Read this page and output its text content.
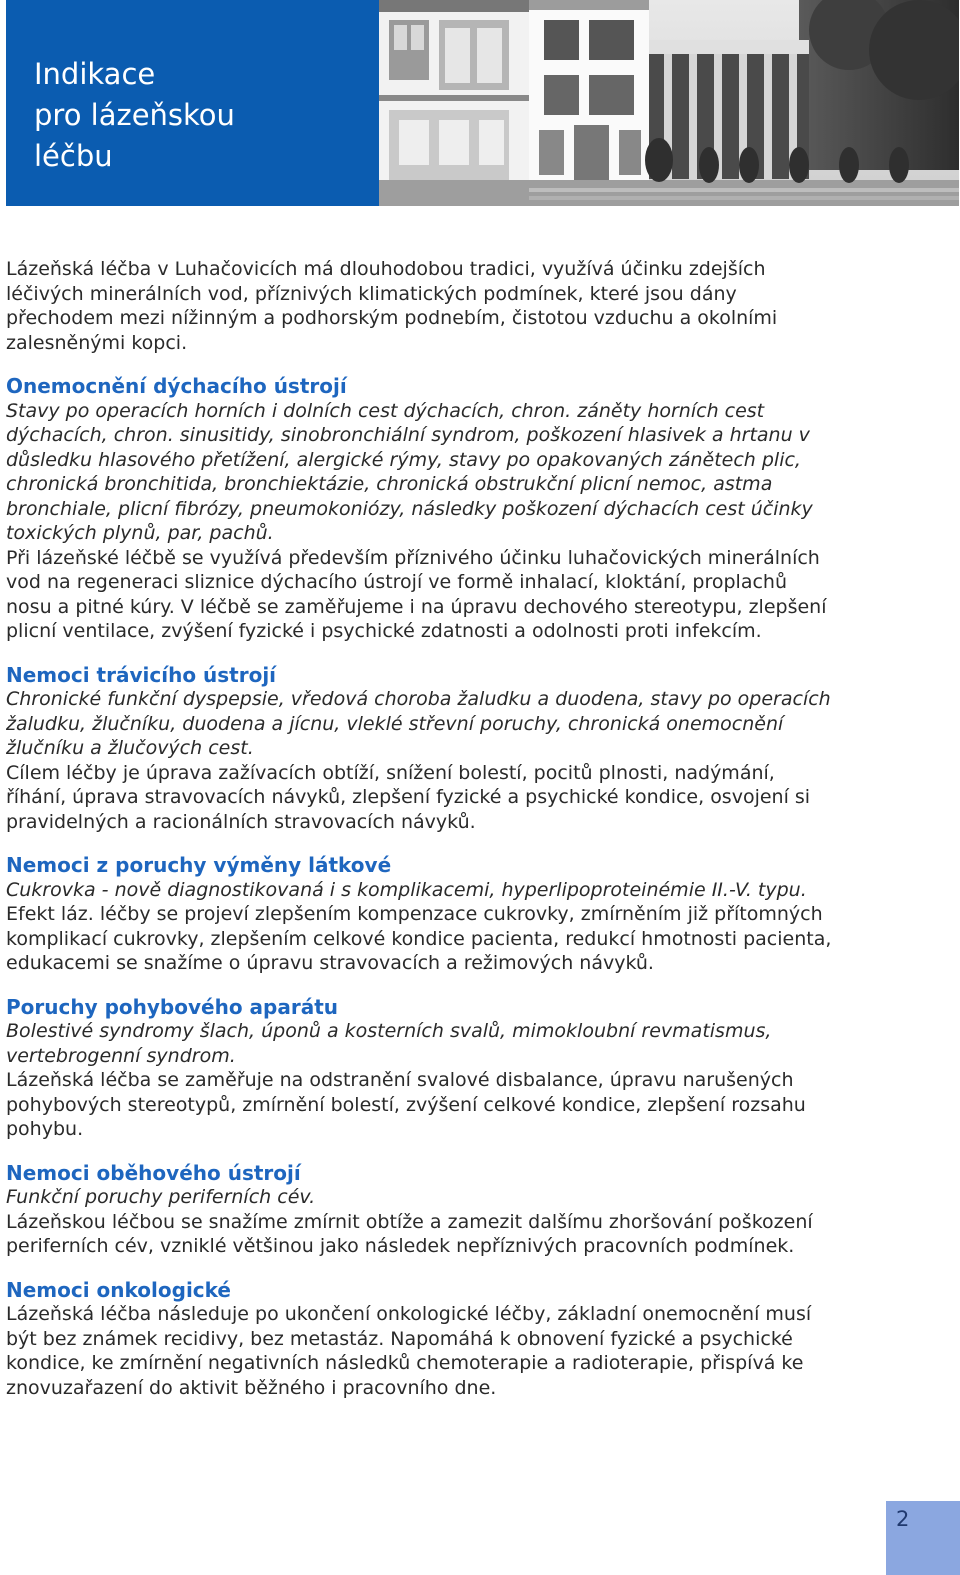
Indikace
pro lázeňskou
léčbu

Lázeňská léčba v Luhačovicích má dlouhodobou tradici, využívá účinku zdejších léčivých minerálních vod, příznivých klimatických podmínek, které jsou dány přechodem mezi nížinným a podhorským podnebím, čistotou vzduchu a okolními zalesněnými kopci.

Onemocnění dýchacího ústrojí

Stavy po operacích horních i dolních cest dýchacích, chron. záněty horních cest dýchacích, chron. sinusitidy, sinobronchiální syndrom, poškození hlasivek a hrtanu v důsledku hlasového přetížení, alergické rýmy, stavy po opakovaných zánětech plic, chronická bronchitida, bronchiektázie, chronická obstrukční plicní nemoc, astma bronchiale, plicní fibrózy, pneumokoniózy, následky poškození dýchacích cest účinky toxických plynů, par, pachů.

Při lázeňské léčbě se využívá především příznivého účinku luhačovických minerálních vod na regeneraci sliznice dýchacího ústrojí ve formě inhalací, kloktání, proplachů nosu a pitné kúry. V léčbě se zaměřujeme i na úpravu dechového stereotypu, zlepšení plicní ventilace, zvýšení fyzické i psychické zdatnosti a odolnosti proti infekcím.

Nemoci trávicího ústrojí

Chronické funkční dyspepsie, vředová choroba žaludku a duodena, stavy po operacích žaludku, žlučníku, duodena a jícnu, vleklé střevní poruchy, chronická onemocnění žlučníku a žlučových cest.

Cílem léčby je úprava zažívacích obtíží, snížení bolestí, pocitů plnosti, nadýmání, říhání, úprava stravovacích návyků, zlepšení fyzické a psychické kondice, osvojení si pravidelných a racionálních stravovacích návyků.

Nemoci z poruchy výměny látkové

Cukrovka - nově diagnostikovaná i s komplikacemi, hyperlipoproteinémie II.-V. typu.

Efekt láz. léčby se projeví zlepšením kompenzace cukrovky, zmírněním již přítomných komplikací cukrovky, zlepšením celkové kondice pacienta, redukcí hmotnosti pacienta, edukacemi se snažíme o úpravu stravovacích a režimových návyků.

Poruchy pohybového aparátu

Bolestivé syndromy šlach, úponů a kosterních svalů, mimokloubní revmatismus, vertebrogenní syndrom.

Lázeňská léčba se zaměřuje na odstranění svalové disbalance, úpravu narušených pohybových stereotypů, zmírnění bolestí, zvýšení celkové kondice, zlepšení rozsahu pohybu.

Nemoci oběhového ústrojí

Funkční poruchy periferních cév.

Lázeňskou léčbou se snažíme zmírnit obtíže a zamezit dalšímu zhoršování poškození periferních cév, vzniklé většinou jako následek nepříznivých pracovních podmínek.

Nemoci onkologické

Lázeňská léčba následuje po ukončení onkologické léčby, základní onemocnění musí být bez známek recidivy, bez metastáz. Napomáhá k obnovení fyzické a psychické kondice, ke zmírnění negativních následků chemoterapie a radioterapie, přispívá ke znovuzařazení do aktivit běžného i pracovního dne.

2
